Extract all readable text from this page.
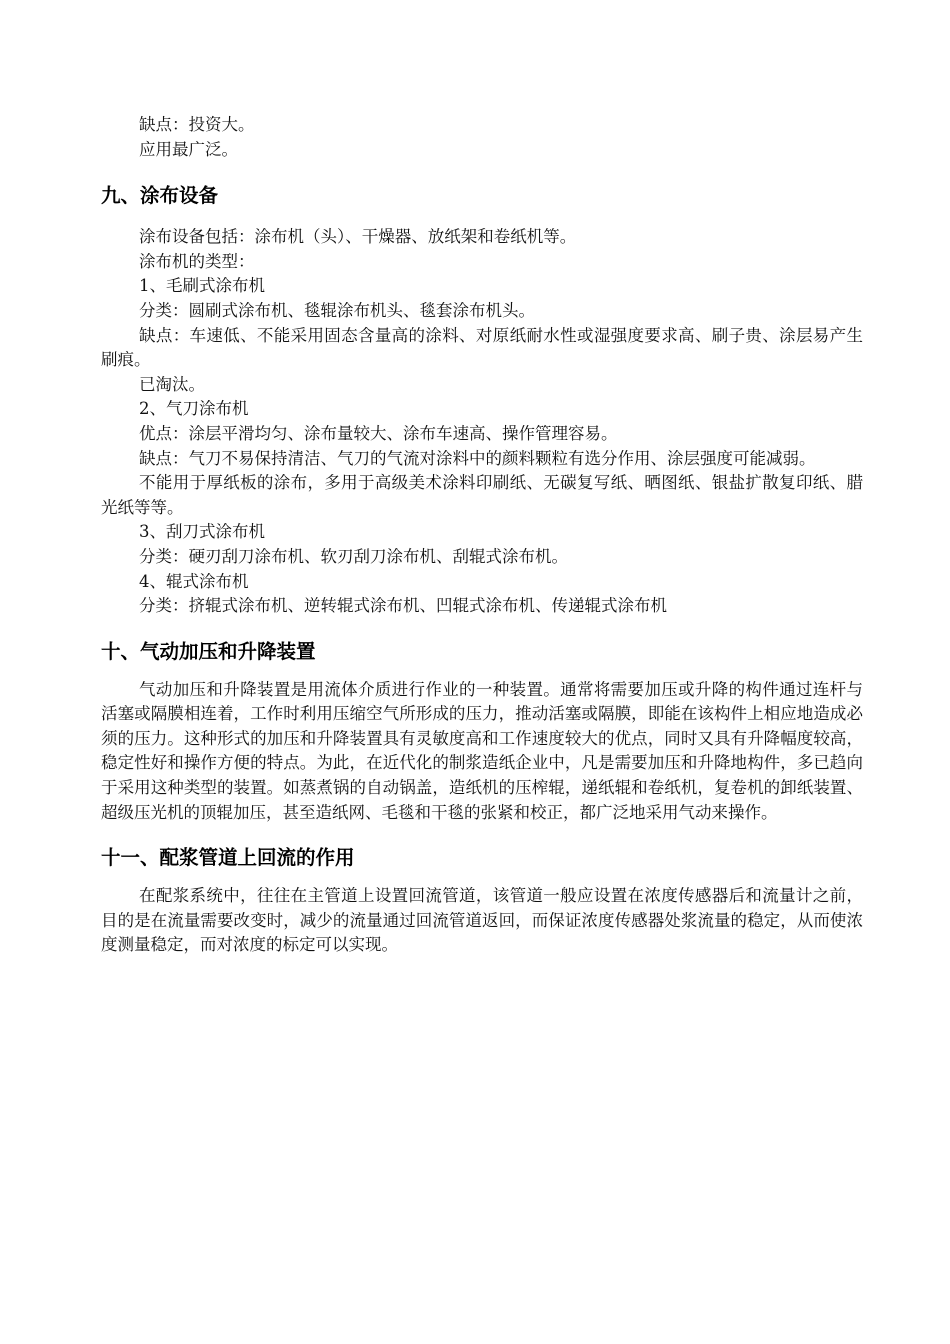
缺点：投资大。

应用最广泛。

九、涂布设备

涂布设备包括：涂布机（头）、干燥器、放纸架和卷纸机等。

涂布机的类型：

1、毛刷式涂布机

分类：圆刷式涂布机、毯辊涂布机头、毯套涂布机头。

缺点：车速低、不能采用固态含量高的涂料、对原纸耐水性或湿强度要求高、刷子贵、涂层易产生刷痕。

已淘汰。

2、气刀涂布机

优点：涂层平滑均匀、涂布量较大、涂布车速高、操作管理容易。

缺点：气刀不易保持清洁、气刀的气流对涂料中的颜料颗粒有选分作用、涂层强度可能减弱。

不能用于厚纸板的涂布，多用于高级美术涂料印刷纸、无碳复写纸、晒图纸、银盐扩散复印纸、腊光纸等等。

3、刮刀式涂布机

分类：硬刃刮刀涂布机、软刃刮刀涂布机、刮辊式涂布机。

4、辊式涂布机

分类：挤辊式涂布机、逆转辊式涂布机、凹辊式涂布机、传递辊式涂布机

十、气动加压和升降装置

气动加压和升降装置是用流体介质进行作业的一种装置。通常将需要加压或升降的构件通过连杆与活塞或隔膜相连着，工作时利用压缩空气所形成的压力，推动活塞或隔膜，即能在该构件上相应地造成必须的压力。这种形式的加压和升降装置具有灵敏度高和工作速度较大的优点，同时又具有升降幅度较高，稳定性好和操作方便的特点。为此，在近代化的制浆造纸企业中，凡是需要加压和升降地构件，多已趋向于采用这种类型的装置。如蒸煮锅的自动锅盖，造纸机的压榨辊，递纸辊和卷纸机，复卷机的卸纸装置、超级压光机的顶辊加压，甚至造纸网、毛毯和干毯的张紧和校正，都广泛地采用气动来操作。

十一、配浆管道上回流的作用

在配浆系统中，往往在主管道上设置回流管道，该管道一般应设置在浓度传感器后和流量计之前，目的是在流量需要改变时，减少的流量通过回流管道返回，而保证浓度传感器处浆流量的稳定，从而使浓度测量稳定，而对浓度的标定可以实现。
